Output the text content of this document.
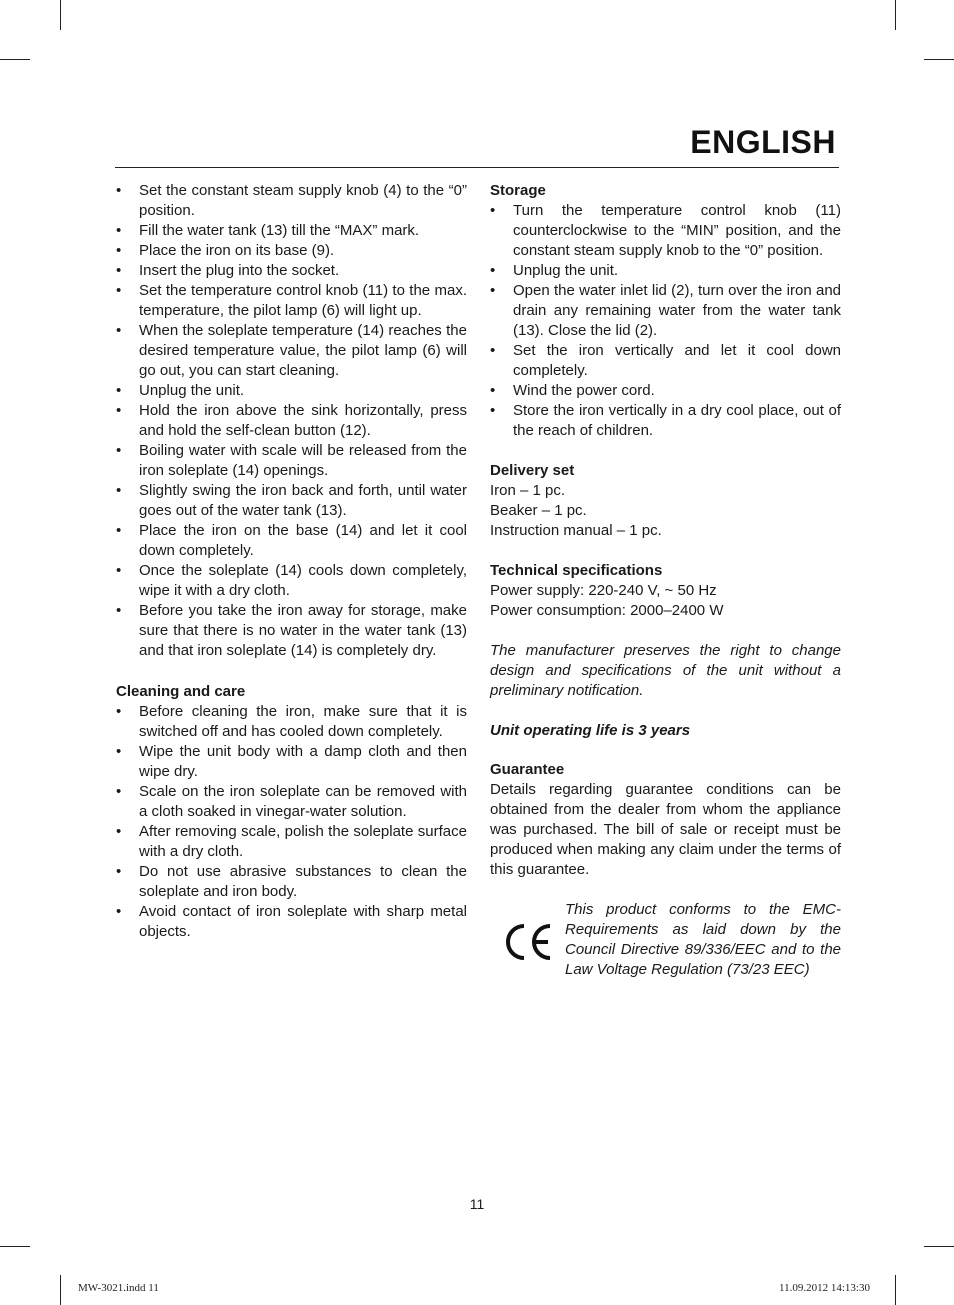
ENGLISH
• Set the constant steam supply knob (4) to the “0” position.
• Fill the water tank (13) till the “MAX” mark.
• Place the iron on its base (9).
• Insert the plug into the socket.
• Set the temperature control knob (11) to the max. temperature, the pilot lamp (6) will light up.
• When the soleplate temperature (14) reaches the desired temperature value, the pilot lamp (6) will go out, you can start cleaning.
• Unplug the unit.
• Hold the iron above the sink horizontally, press and hold the self-clean button (12).
• Boiling water with scale will be released from the iron soleplate (14) openings.
• Slightly swing the iron back and forth, until water goes out of the water tank (13).
• Place the iron on the base (14) and let it cool down completely.
• Once the soleplate (14) cools down completely, wipe it with a dry cloth.
• Before you take the iron away for storage, make sure that there is no water in the water tank (13) and that iron soleplate (14) is completely dry.
Cleaning and care
• Before cleaning the iron, make sure that it is switched off and has cooled down completely.
• Wipe the unit body with a damp cloth and then wipe dry.
• Scale on the iron soleplate can be removed with a cloth soaked in vinegar-water solution.
• After removing scale, polish the soleplate surface with a dry cloth.
• Do not use abrasive substances to clean the soleplate and iron body.
• Avoid contact of iron soleplate with sharp metal objects.
Storage
• Turn the temperature control knob (11) counterclockwise to the “MIN” position, and the constant steam supply knob to the “0” position.
• Unplug the unit.
• Open the water inlet lid (2), turn over the iron and drain any remaining water from the water tank (13). Close the lid (2).
• Set the iron vertically and let it cool down completely.
• Wind the power cord.
• Store the iron vertically in a dry cool place, out of the reach of children.
Delivery set
Iron – 1 pc.
Beaker – 1 pc.
Instruction manual – 1 pc.
Technical specifications
Power supply: 220-240 V, ~ 50 Hz
Power consumption: 2000–2400 W
The manufacturer preserves the right to change design and specifications of the unit without a preliminary notification.
Unit operating life is 3 years
Guarantee
Details regarding guarantee conditions can be obtained from the dealer from whom the appliance was purchased. The bill of sale or receipt must be produced when making any claim under the terms of this guarantee.
This product conforms to the EMC-Requirements as laid down by the Council Directive 89/336/EEC and to the Law Voltage Regulation (73/23 EEC)
11
MW-3021.indd 11	11.09.2012 14:13:30
